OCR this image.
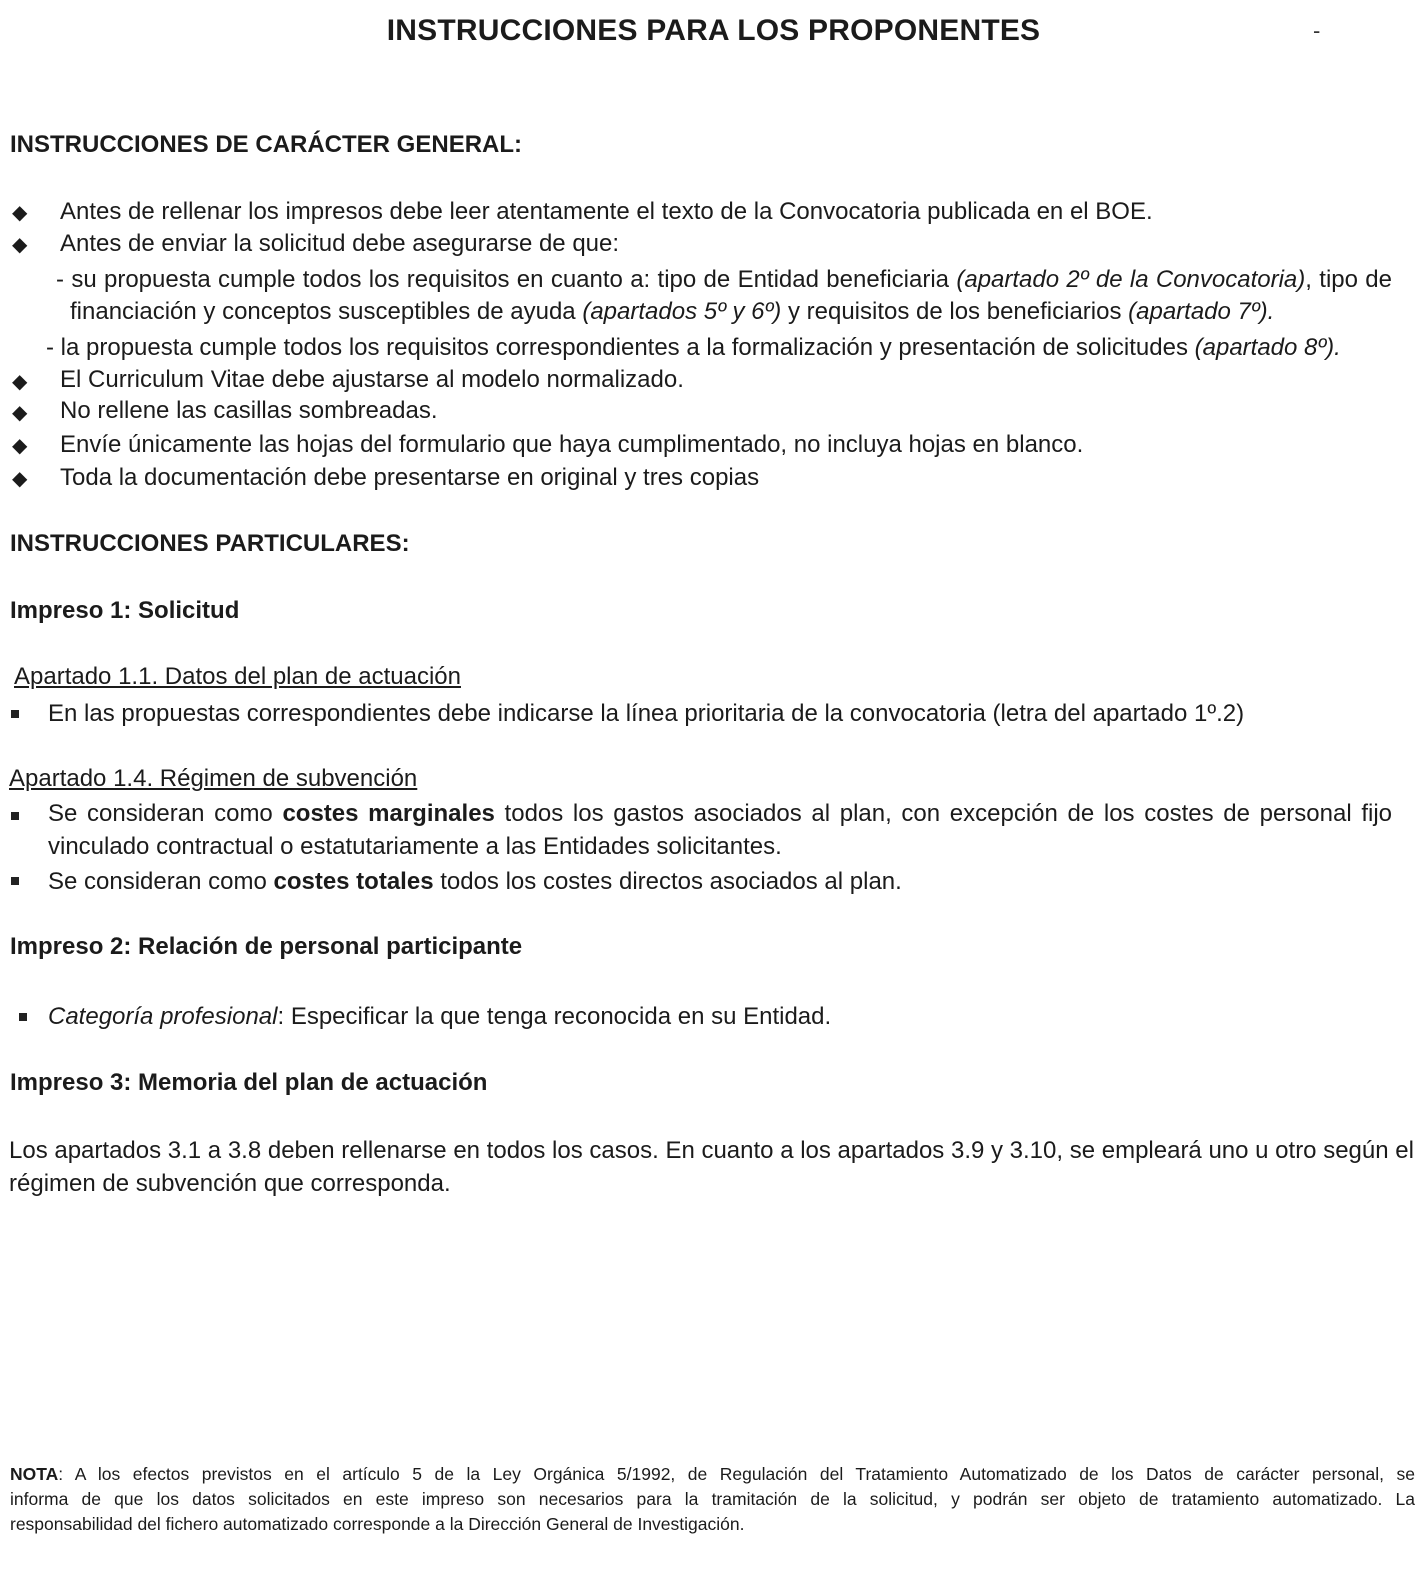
INSTRUCCIONES PARA LOS PROPONENTES	-
INSTRUCCIONES DE CARÁCTER GENERAL:
◆ Antes de rellenar los impresos debe leer atentamente el texto de la Convocatoria publicada en el BOE.
◆ Antes de enviar la solicitud debe asegurarse de que:
- su propuesta cumple todos los requisitos en cuanto a: tipo de Entidad beneficiaria (apartado 2º de la Convocatoria), tipo de
financiación y conceptos susceptibles de ayuda (apartados 5º y 6º) y requisitos de los beneficiarios (apartado 7º).
- la propuesta cumple todos los requisitos correspondientes a la formalización y presentación de solicitudes (apartado 8º).
◆ El Curriculum Vitae debe ajustarse al modelo normalizado.
◆ No rellene las casillas sombreadas.
◆ Envíe únicamente las hojas del formulario que haya cumplimentado, no incluya hojas en blanco.
◆ Toda la documentación debe presentarse en original y tres copias
INSTRUCCIONES PARTICULARES:
Impreso 1: Solicitud
Apartado 1.1. Datos del plan de actuación
En las propuestas correspondientes debe indicarse la línea prioritaria de la convocatoria (letra del apartado 1º.2)
Apartado 1.4. Régimen de subvención
Se consideran como costes marginales todos los gastos asociados al plan, con excepción de los costes de personal fijo
vinculado contractual o estatutariamente a las Entidades solicitantes.
Se consideran como costes totales todos los costes directos asociados al plan.
Impreso 2: Relación de personal participante
Categoría profesional: Especificar la que tenga reconocida en su Entidad.
Impreso 3: Memoria del plan de actuación
Los apartados 3.1 a 3.8 deben rellenarse en todos los casos. En cuanto a los apartados 3.9 y 3.10, se empleará uno u otro según el
régimen de subvención que corresponda.
NOTA: A los efectos previstos en el artículo 5 de la Ley Orgánica 5/1992, de Regulación del Tratamiento Automatizado de los Datos de carácter personal, se
informa de que los datos solicitados en este impreso son necesarios para la tramitación de la solicitud, y podrán ser objeto de tratamiento automatizado. La
responsabilidad del fichero automatizado corresponde a la Dirección General de Investigación.
